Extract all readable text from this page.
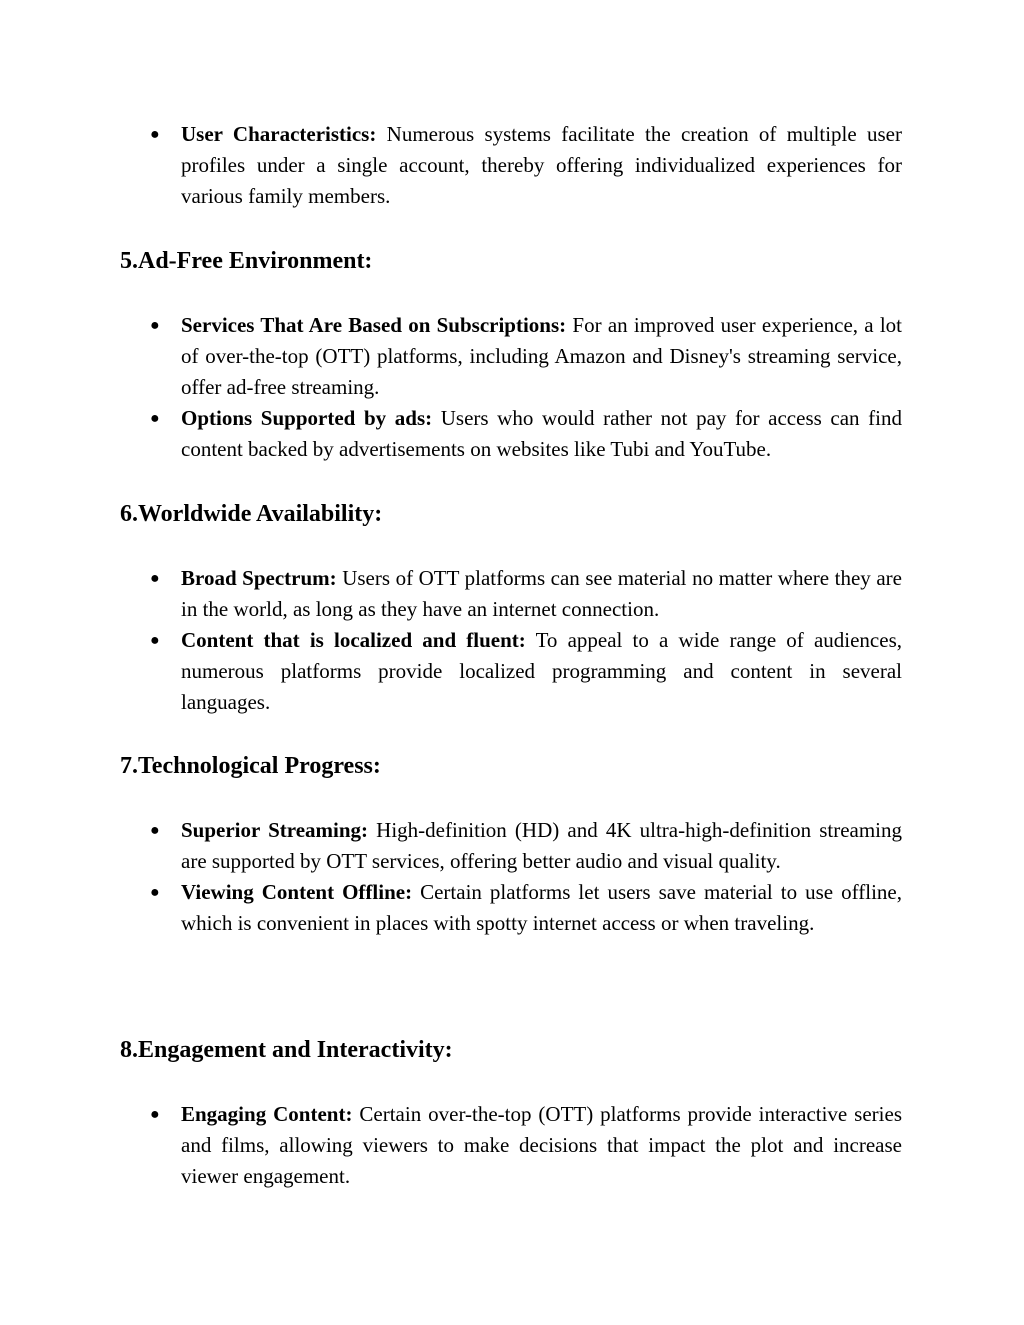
● User Characteristics: Numerous systems facilitate the creation of multiple user profiles under a single account, thereby offering individualized experiences for various family members.
5.Ad-Free Environment:
● Services That Are Based on Subscriptions: For an improved user experience, a lot of over-the-top (OTT) platforms, including Amazon and Disney's streaming service, offer ad-free streaming.
● Options Supported by ads: Users who would rather not pay for access can find content backed by advertisements on websites like Tubi and YouTube.
6.Worldwide Availability:
● Broad Spectrum: Users of OTT platforms can see material no matter where they are in the world, as long as they have an internet connection.
● Content that is localized and fluent: To appeal to a wide range of audiences, numerous platforms provide localized programming and content in several languages.
7.Technological Progress:
● Superior Streaming: High-definition (HD) and 4K ultra-high-definition streaming are supported by OTT services, offering better audio and visual quality.
● Viewing Content Offline: Certain platforms let users save material to use offline, which is convenient in places with spotty internet access or when traveling.
8.Engagement and Interactivity:
● Engaging Content: Certain over-the-top (OTT) platforms provide interactive series and films, allowing viewers to make decisions that impact the plot and increase viewer engagement.
